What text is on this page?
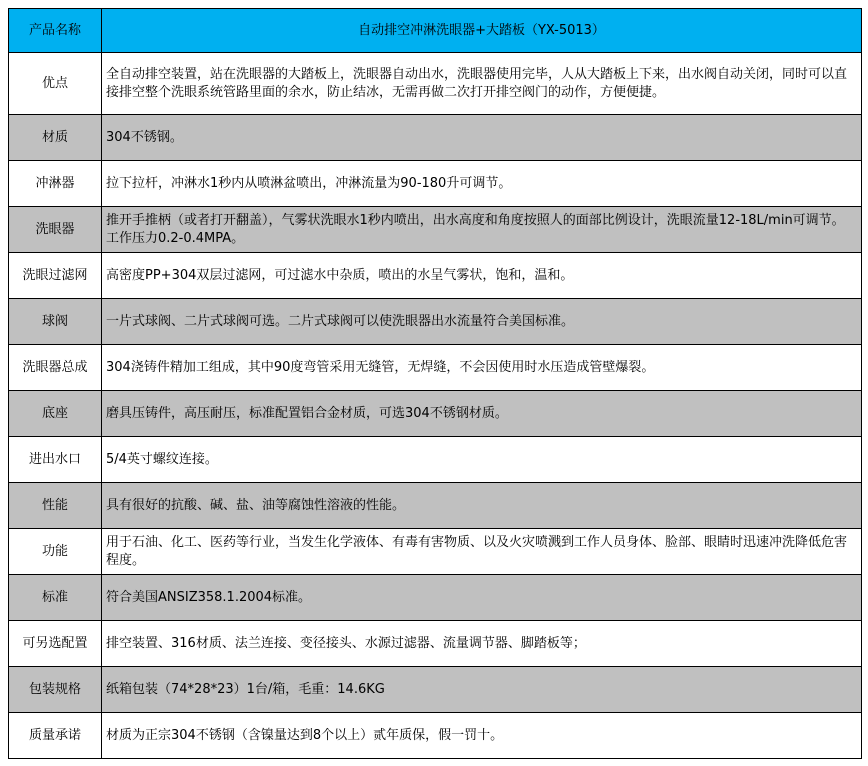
产品名称	自动排空冲淋洗眼器+大踏板（YX-5013）
优点	全自动排空装置，站在洗眼器的大踏板上，洗眼器自动出水，洗眼器使用完毕，人从大踏板上下来，出水阀自动关闭，同时可以直接排空整个洗眼系统管路里面的余水，防止结冰，无需再做二次打开排空阀门的动作，方便便捷。

材质	304不锈钢。

冲淋器	拉下拉杆，冲淋水1秒内从喷淋盆喷出，冲淋流量为90-180升可调节。

洗眼器	推开手推柄（或者打开翻盖），气雾状洗眼水1秒内喷出，出水高度和角度按照人的面部比例设计，洗眼流量12-18L/min可调节。工作压力0.2-0.4MPA。

洗眼过滤网	高密度PP+304双层过滤网，可过滤水中杂质，喷出的水呈气雾状，饱和，温和。

球阀	一片式球阀、二片式球阀可选。二片式球阀可以使洗眼器出水流量符合美国标准。

洗眼器总成	304浇铸件精加工组成，其中90度弯管采用无缝管，无焊缝，不会因使用时水压造成管壁爆裂。

底座	磨具压铸件，高压耐压，标准配置铝合金材质，可选304不锈钢材质。

进出水口	5/4英寸螺纹连接。

性能	具有很好的抗酸、碱、盐、油等腐蚀性溶液的性能。

功能	用于石油、化工、医药等行业，当发生化学液体、有毒有害物质、以及火灾喷溅到工作人员身体、脸部、眼睛时迅速冲洗降低危害程度。

标准	符合美国ANSIZ358.1.2004标准。

可另选配置	排空装置、316材质、法兰连接、变径接头、水源过滤器、流量调节器、脚踏板等；

包装规格	纸箱包装（74*28*23）1台/箱，毛重：14.6KG

质量承诺	材质为正宗304不锈钢（含镍量达到8个以上）贰年质保，假一罚十。
